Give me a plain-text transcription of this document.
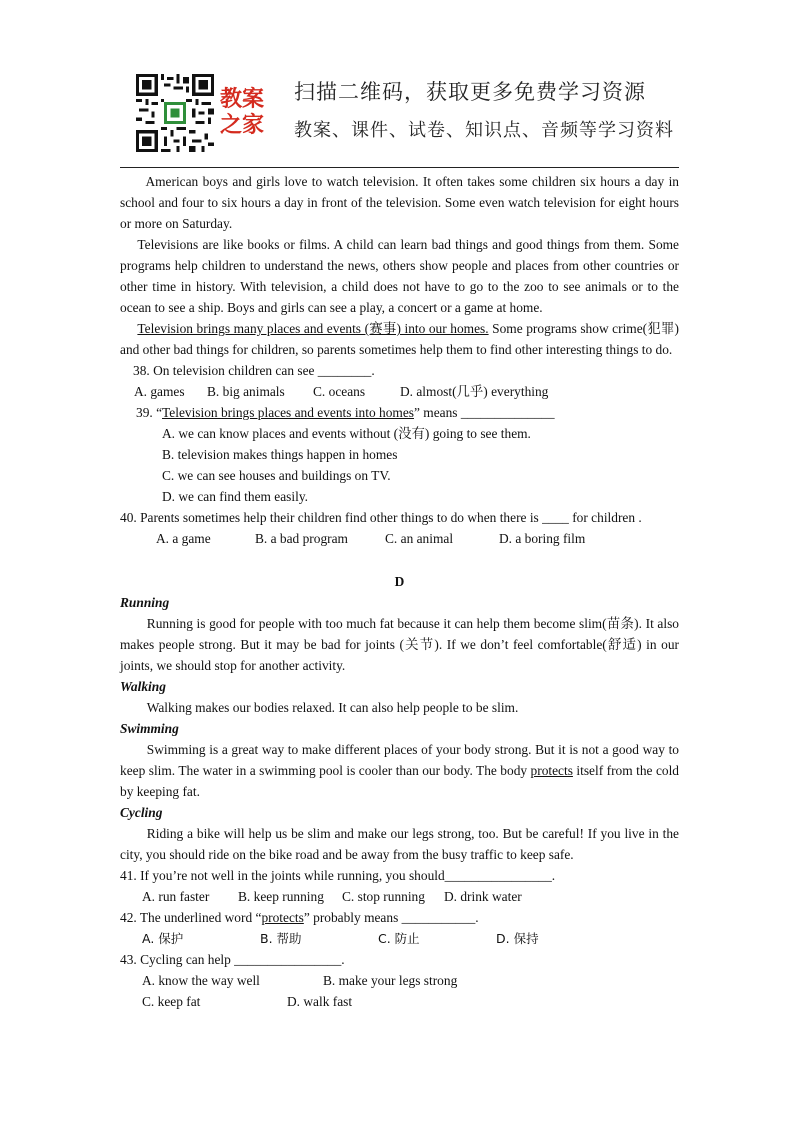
教案之家
扫描二维码，获取更多免费学习资源
教案、课件、试卷、知识点、音频等学习资料

American boys and girls love to watch television. It often takes some children six hours a day in school and four to six hours a day in front of the television. Some even watch television for eight hours or more on Saturday.

Televisions are like books or films. A child can learn bad things and good things from them. Some programs help children to understand the news, others show people and places from other countries or other time in history. With television, a child does not have to go to the zoo to see animals or to the ocean to see a ship. Boys and girls can see a play, a concert or a game at home.

Television brings many places and events (赛事) into our homes. Some programs show crime(犯罪) and other bad things for children, so parents sometimes help them to find other interesting things to do.

38. On television children can see ________.
A. games B. big animals C. oceans	D. almost(几乎) everything
39. “Television brings places and events into homes” means ______________
A. we can know places and events without (没有) going to see them.
B. television makes things happen in homes
C. we can see houses and buildings on TV.
D. we can find them easily.
40. Parents sometimes help their children find other things to do when there is ____ for children .
A. a game	B. a bad program	C. an animal	D. a boring film
D
Running

Running is good for people with too much fat because it can help them become slim(苗条). It also makes people strong. But it may be bad for joints (关节). If we don’t feel comfortable(舒适) in our joints, we should stop for another activity.

Walking

Walking makes our bodies relaxed. It can also help people to be slim.

Swimming

Swimming is a great way to make different places of your body strong. But it is not a good way to keep slim. The water in a swimming pool is cooler than our body. The body protects itself from the cold by keeping fat.

Cycling

Riding a bike will help us be slim and make our legs strong, too. But be careful! If you live in the city, you should ride on the bike road and be away from the busy traffic to keep safe.

41. If you’re not well in the joints while running, you should________________.
A. run faster B. keep running C. stop running D. drink water
42. The underlined word “protects” probably means ___________.
A. 保护	B. 帮助	C. 防止	D. 保持
43. Cycling can help ________________.
A. know the way well	B. make your legs strong
C. keep fat	D. walk fast
